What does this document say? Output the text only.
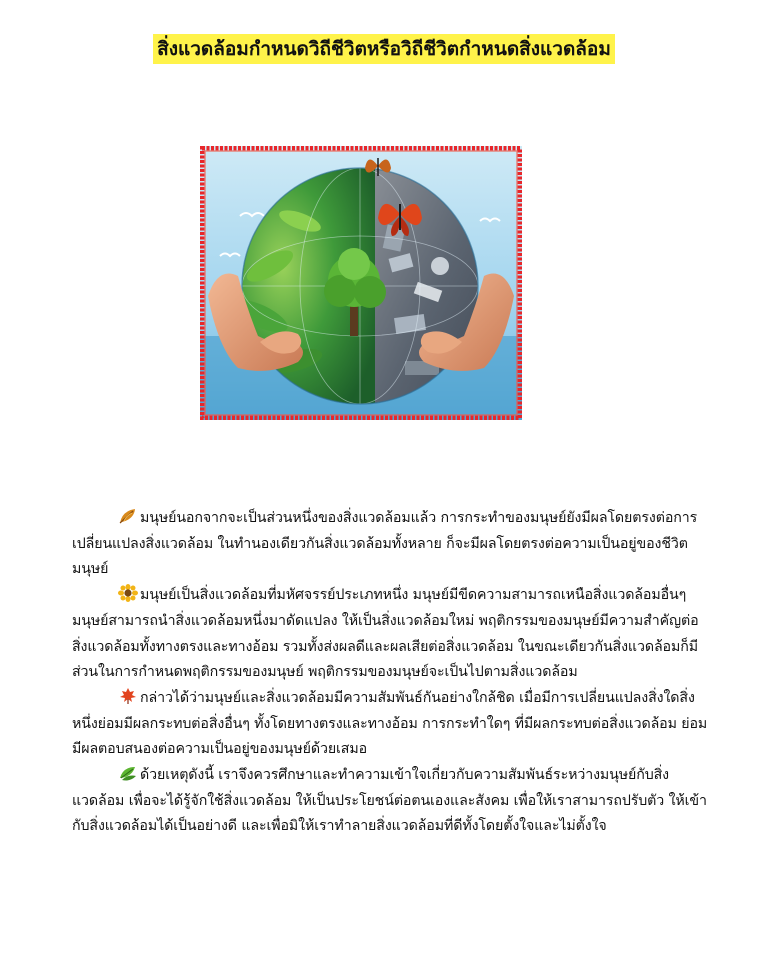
สิ่งแวดล้อมกำหนดวิถีชีวิตหรือวิถีชีวิตกำหนดสิ่งแวดล้อม

มนุษย์นอกจากจะเป็นส่วนหนึ่งของสิ่งแวดล้อมแล้ว การกระทำของมนุษย์ยังมีผลโดยตรงต่อการเปลี่ยนแปลงสิ่งแวดล้อม ในทำนองเดียวกันสิ่งแวดล้อมทั้งหลาย ก็จะมีผลโดยตรงต่อความเป็นอยู่ของชีวิตมนุษย์

มนุษย์เป็นสิ่งแวดล้อมที่มหัศจรรย์ประเภทหนึ่ง มนุษย์มีขีดความสามารถเหนือสิ่งแวดล้อมอื่นๆ มนุษย์สามารถนำสิ่งแวดล้อมหนึ่งมาดัดแปลง ให้เป็นสิ่งแวดล้อมใหม่ พฤติกรรมของมนุษย์มีความสำคัญต่อสิ่งแวดล้อมทั้งทางตรงและทางอ้อม รวมทั้งส่งผลดีและผลเสียต่อสิ่งแวดล้อม ในขณะเดียวกันสิ่งแวดล้อมก็มีส่วนในการกำหนดพฤติกรรมของมนุษย์ พฤติกรรมของมนุษย์จะเป็นไปตามสิ่งแวดล้อม

กล่าวได้ว่ามนุษย์และสิ่งแวดล้อมมีความสัมพันธ์กันอย่างใกล้ชิด เมื่อมีการเปลี่ยนแปลงสิ่งใดสิ่งหนึ่งย่อมมีผลกระทบต่อสิ่งอื่นๆ ทั้งโดยทางตรงและทางอ้อม การกระทำใดๆ ที่มีผลกระทบต่อสิ่งแวดล้อม ย่อมมีผลตอบสนองต่อความเป็นอยู่ของมนุษย์ด้วยเสมอ

ด้วยเหตุดังนี้ เราจึงควรศึกษาและทำความเข้าใจเกี่ยวกับความสัมพันธ์ระหว่างมนุษย์กับสิ่งแวดล้อม เพื่อจะได้รู้จักใช้สิ่งแวดล้อม ให้เป็นประโยชน์ต่อตนเองและสังคม เพื่อให้เราสามารถปรับตัว ให้เข้ากับสิ่งแวดล้อมได้เป็นอย่างดี และเพื่อมิให้เราทำลายสิ่งแวดล้อมที่ดีทั้งโดยตั้งใจและไม่ตั้งใจ
